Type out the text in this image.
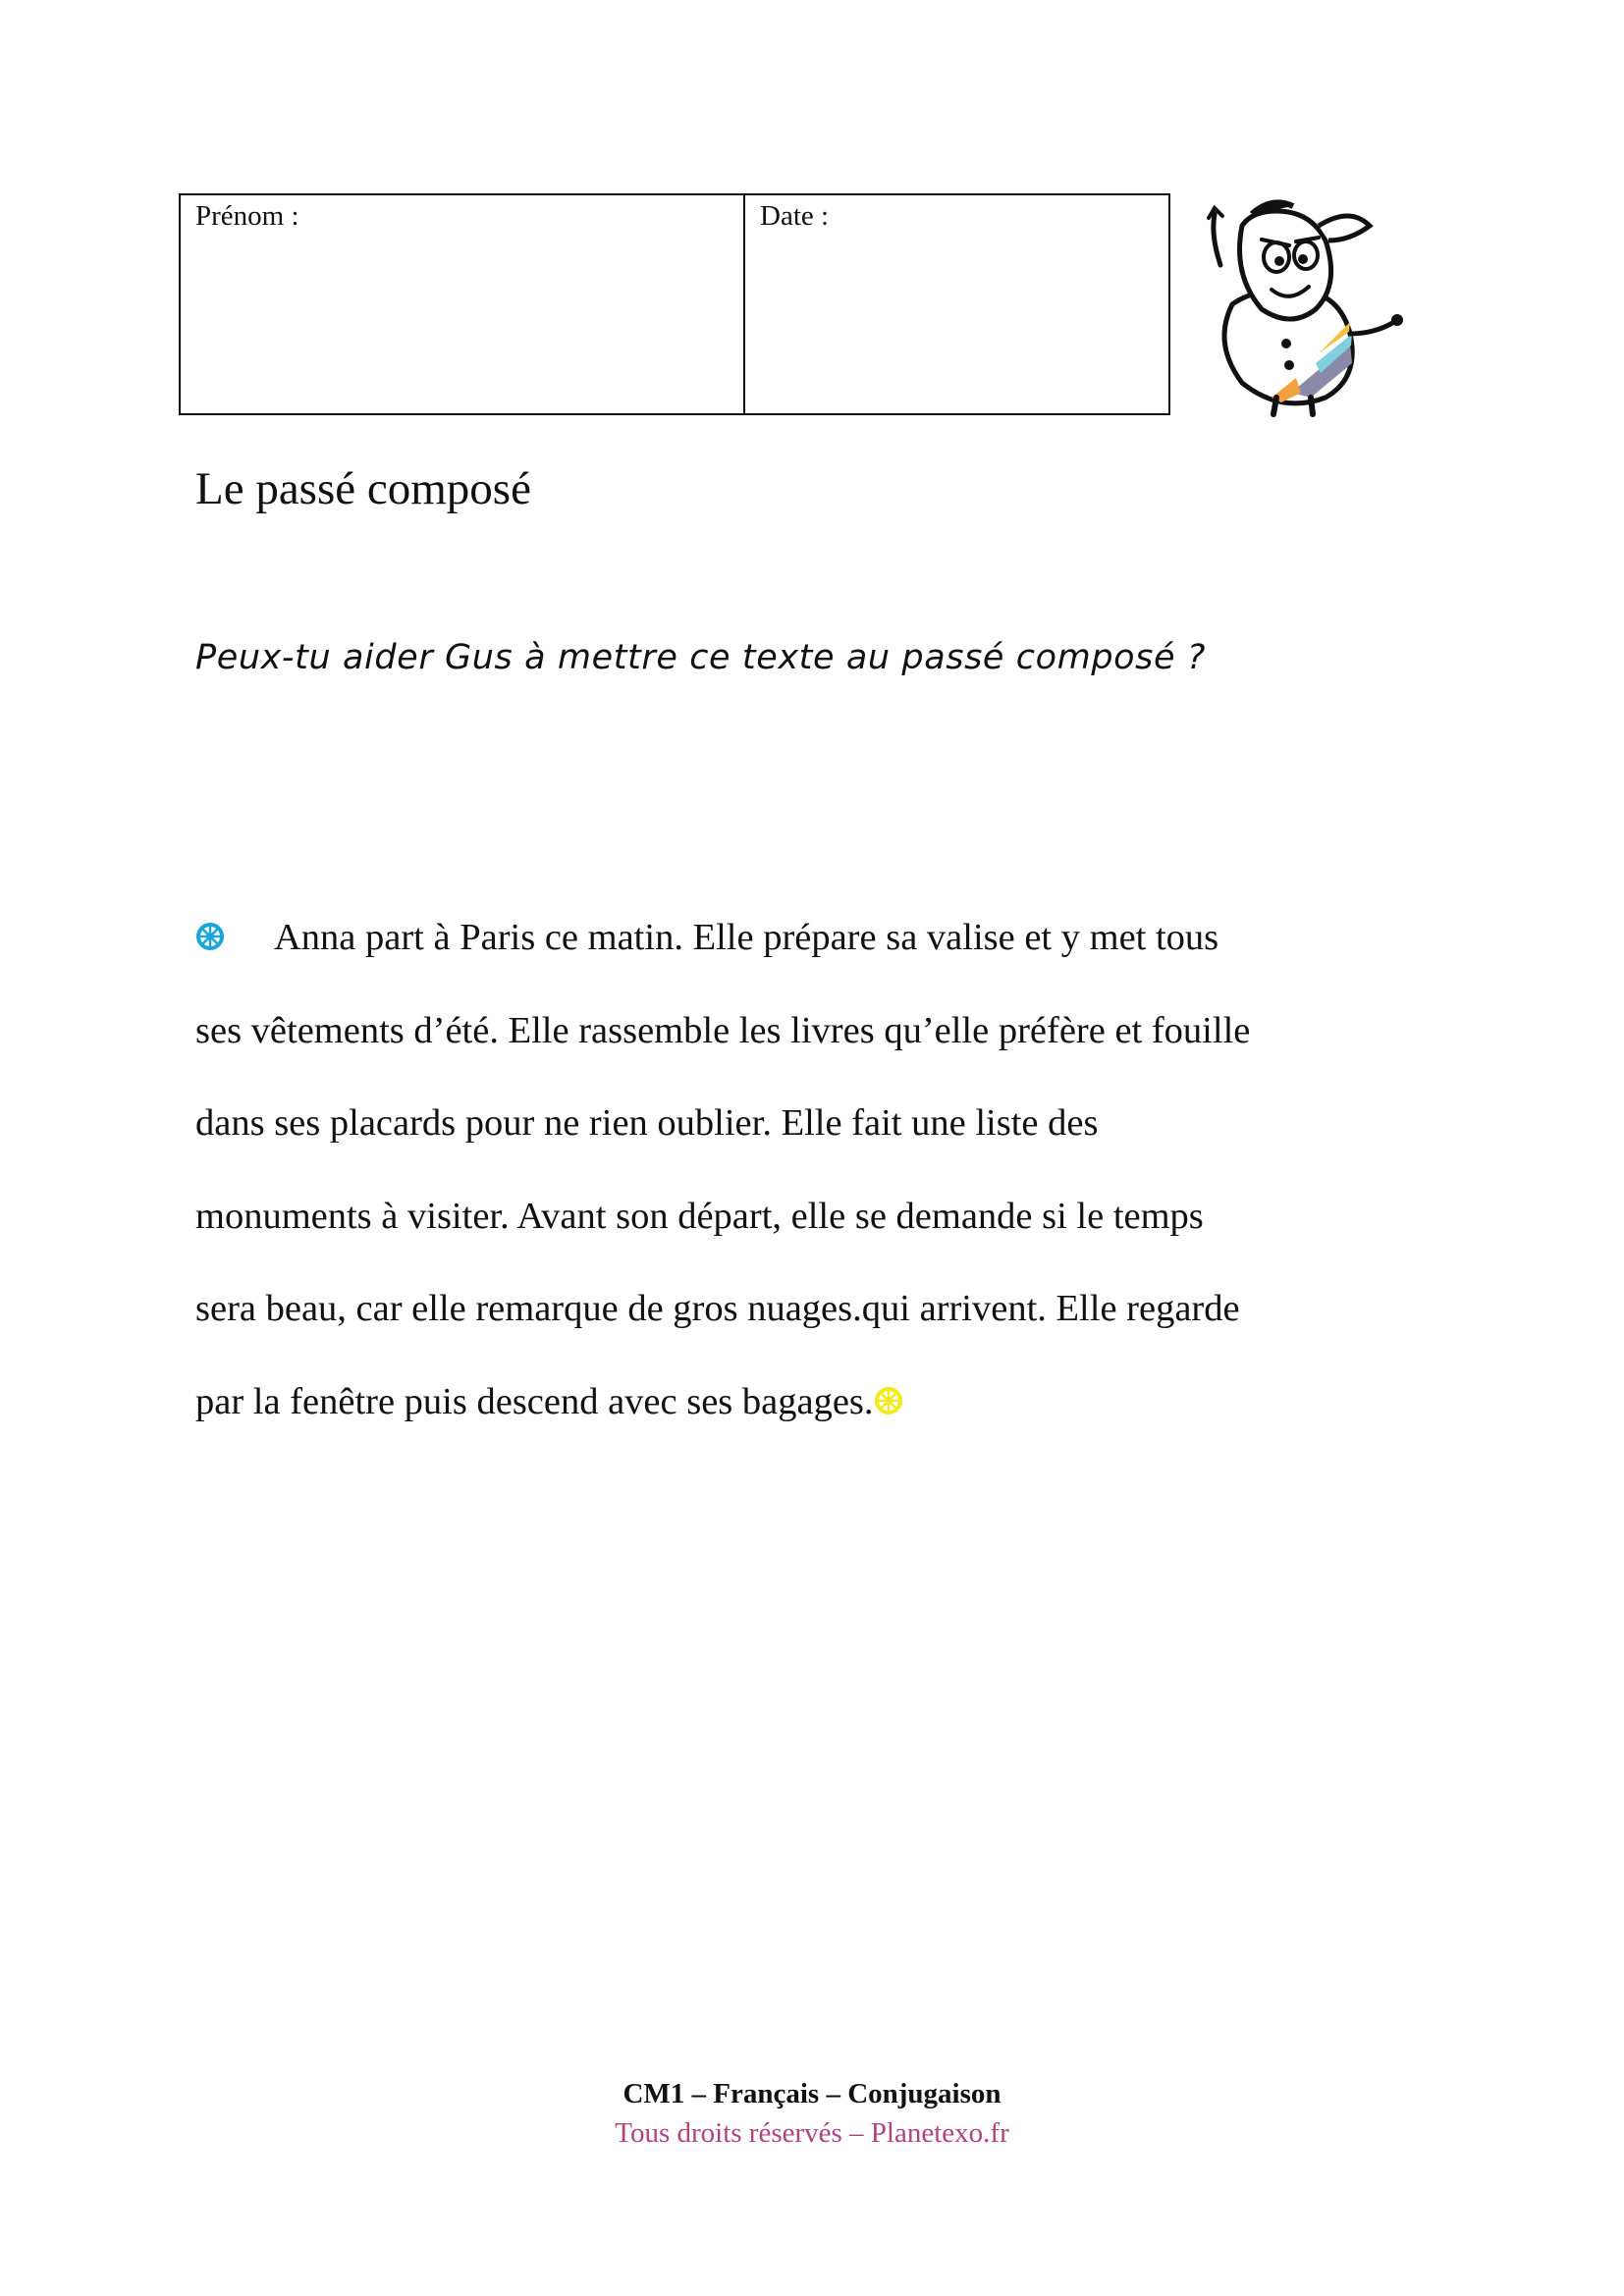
Prénom :	Date :
Le passé composé

Peux-tu aider Gus à mettre ce texte au passé composé ?

Anna part à Paris ce matin. Elle prépare sa valise et y met tous
ses vêtements d’été. Elle rassemble les livres qu’elle préfère et fouille
dans ses placards pour ne rien oublier. Elle fait une liste des
monuments à visiter. Avant son départ, elle se demande si le temps
sera beau, car elle remarque de gros nuages.qui arrivent. Elle regarde
par la fenêtre puis descend avec ses bagages.
CM1 – Français – Conjugaison
Tous droits réservés – Planetexo.fr
